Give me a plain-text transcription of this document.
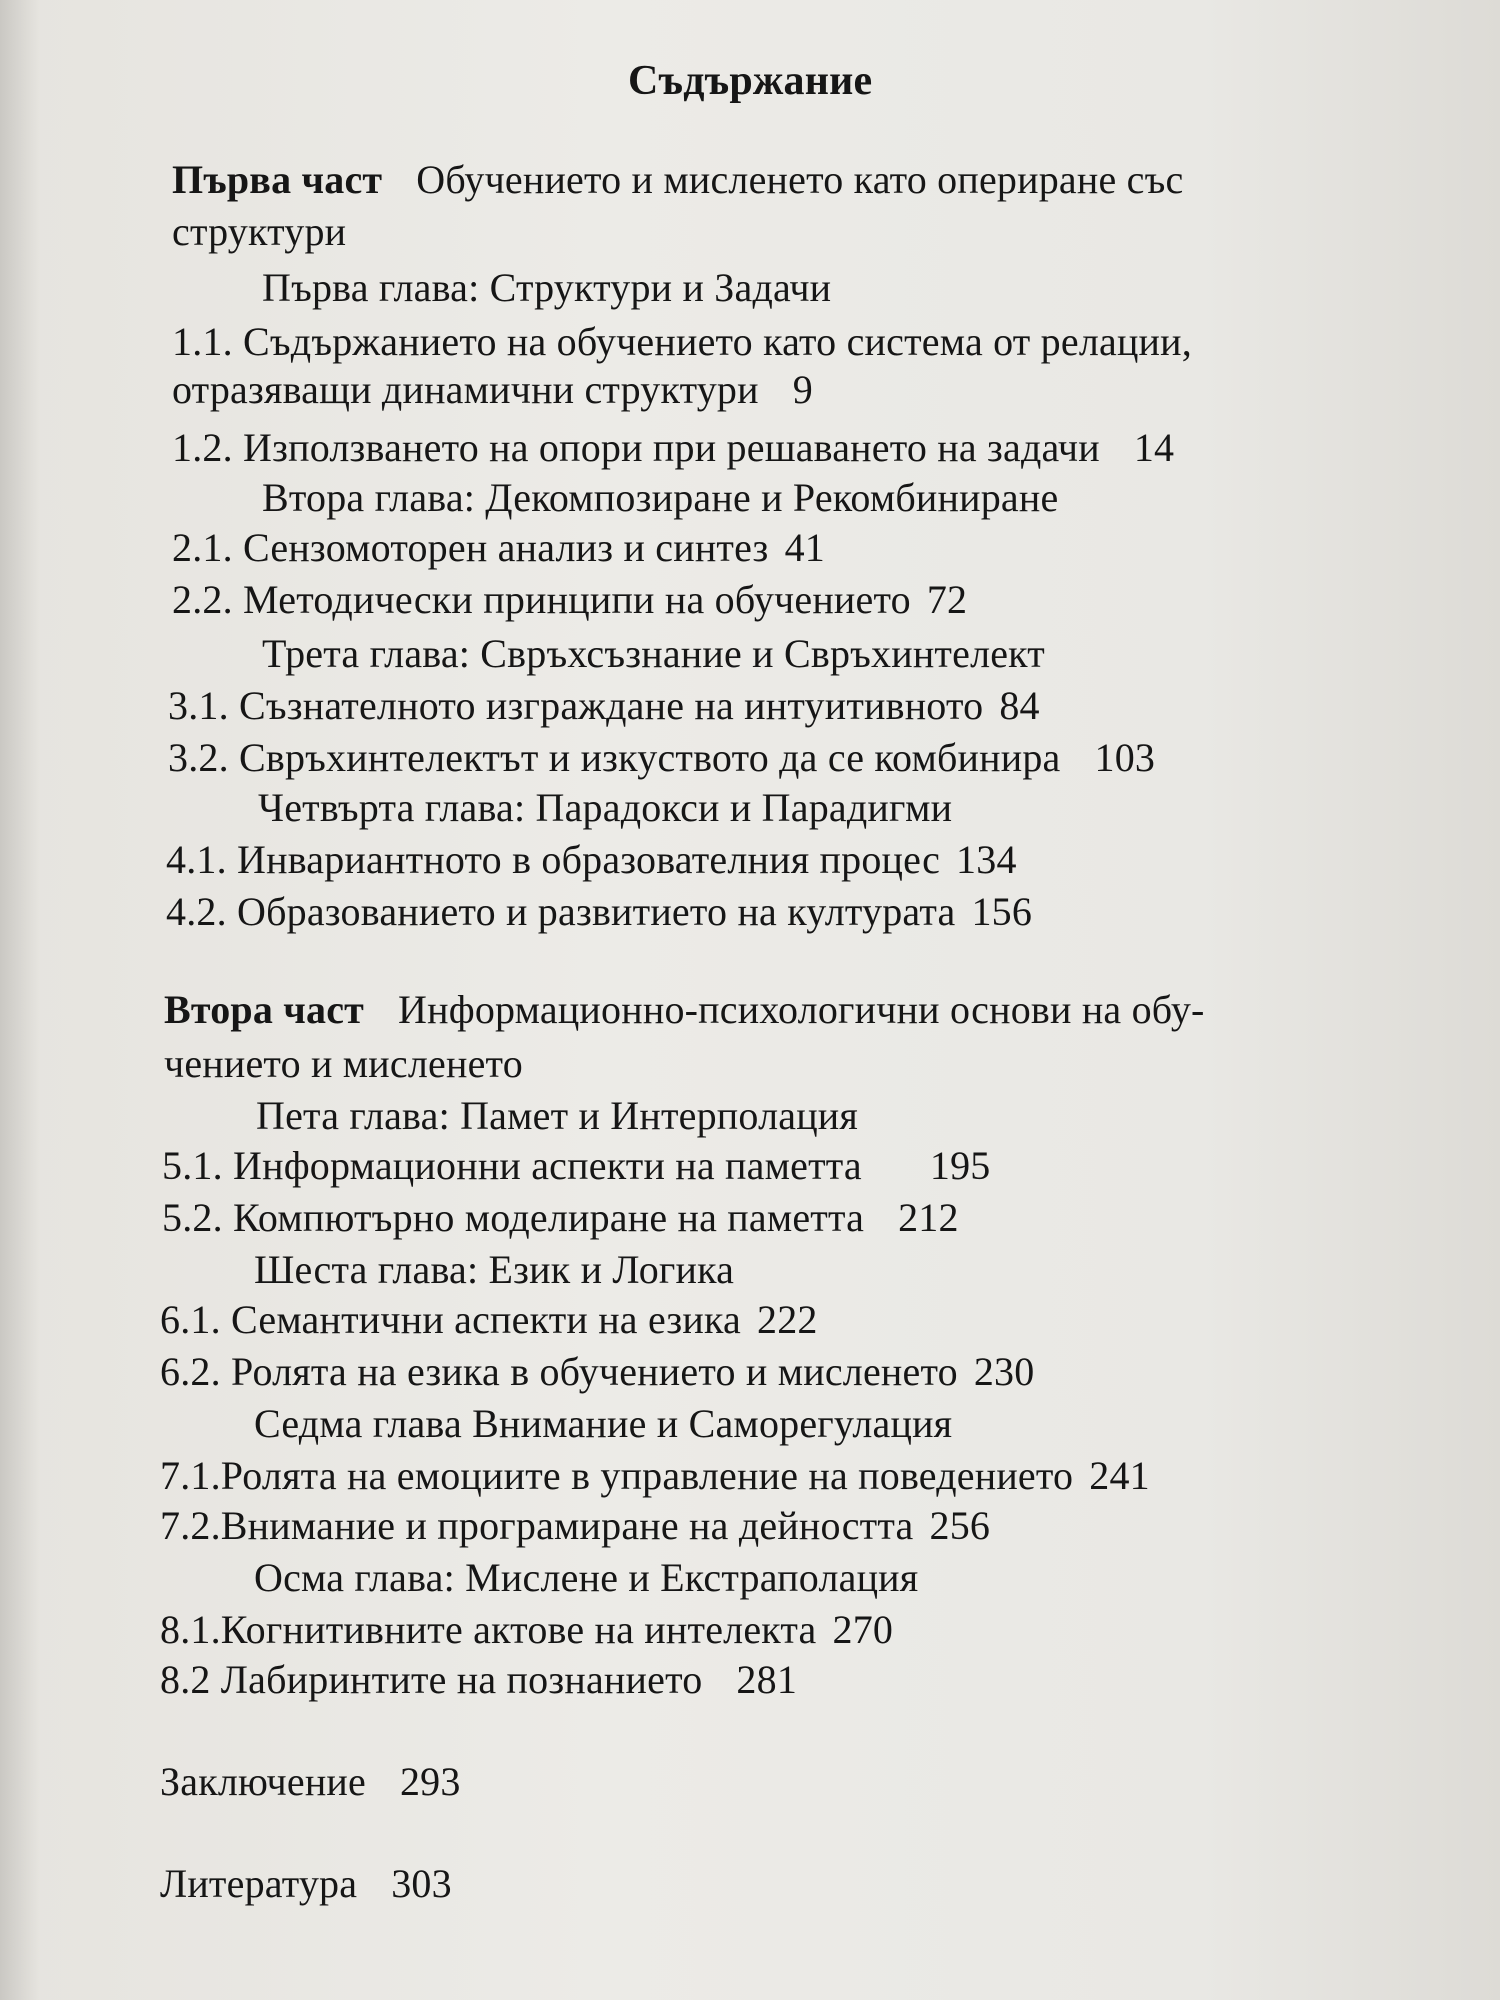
Съдържание
Първа част Обучението и мисленето като опериране със
структури
Първа глава: Структури и Задачи
1.1. Съдържанието на обучението като система от релации,
отразяващи динамични структури 9
1.2. Използването на опори при решаването на задачи 14
Втора глава: Декомпозиране и Рекомбиниране
2.1. Сензомоторен анализ и синтез 41
2.2. Методически принципи на обучението 72
Трета глава: Свръхсъзнание и Свръхинтелект
3.1. Съзнателното изграждане на интуитивното 84
3.2. Свръхинтелектът и изкуството да се комбинира 103
Четвърта глава: Парадокси и Парадигми
4.1. Инвариантното в образователния процес 134
4.2. Образованието и развитието на културата 156
Втора част Информационно-психологични основи на обу-
чението и мисленето
Пета глава: Памет и Интерполация
5.1. Информационни аспекти на паметта 195
5.2. Компютърно моделиране на паметта 212
Шеста глава: Език и Логика
6.1. Семантични аспекти на езика 222
6.2. Ролята на езика в обучението и мисленето 230
Седма глава Внимание и Саморегулация
7.1.Ролята на емоциите в управление на поведението 241
7.2.Внимание и програмиране на дейността 256
Осма глава: Мислене и Екстраполация
8.1.Когнитивните актове на интелекта 270
8.2 Лабиринтите на познанието 281
Заключение 293
Литература 303
